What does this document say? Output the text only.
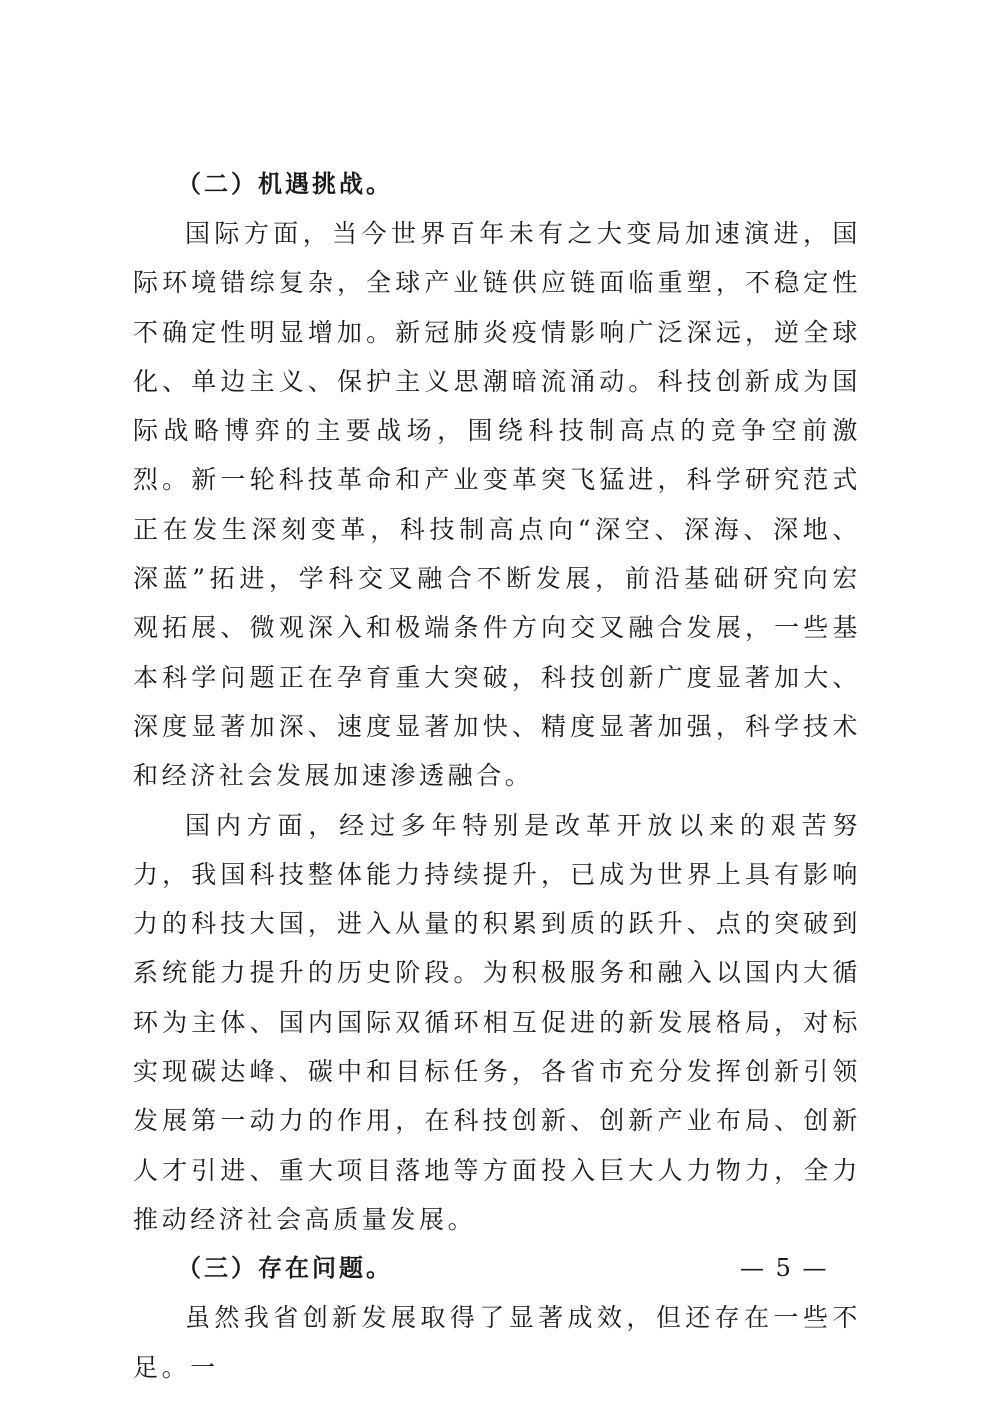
（二）机遇挑战。

国际方面，当今世界百年未有之大变局加速演进，国际环境错综复杂，全球产业链供应链面临重塑，不稳定性不确定性明显增加。新冠肺炎疫情影响广泛深远，逆全球化、单边主义、保护主义思潮暗流涌动。科技创新成为国际战略博弈的主要战场，围绕科技制高点的竞争空前激烈。新一轮科技革命和产业变革突飞猛进，科学研究范式正在发生深刻变革，科技制高点向“深空、深海、深地、深蓝”拓进，学科交叉融合不断发展，前沿基础研究向宏观拓展、微观深入和极端条件方向交叉融合发展，一些基本科学问题正在孕育重大突破，科技创新广度显著加大、深度显著加深、速度显著加快、精度显著加强，科学技术和经济社会发展加速渗透融合。

国内方面，经过多年特别是改革开放以来的艰苦努力，我国科技整体能力持续提升，已成为世界上具有影响力的科技大国，进入从量的积累到质的跃升、点的突破到系统能力提升的历史阶段。为积极服务和融入以国内大循环为主体、国内国际双循环相互促进的新发展格局，对标实现碳达峰、碳中和目标任务，各省市充分发挥创新引领发展第一动力的作用，在科技创新、创新产业布局、创新人才引进、重大项目落地等方面投入巨大人力物力，全力推动经济社会高质量发展。

（三）存在问题。

虽然我省创新发展取得了显著成效，但还存在一些不足。一

— 5 —
